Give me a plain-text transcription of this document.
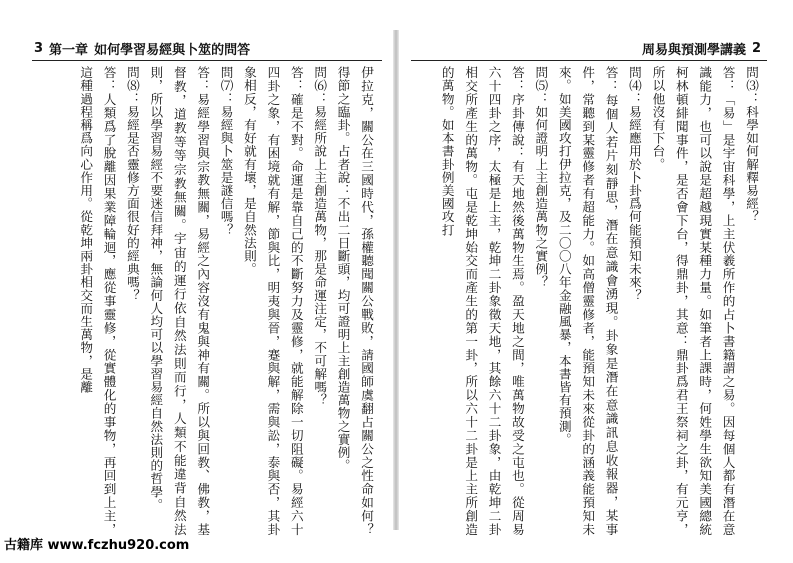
3 第一章 如何學習易經與卜筮的問答

伊拉克，關公在三國時代，孫權聽聞關公戰敗，請國師虞翻占關公之性命如何？得節之臨卦。占者說：不出二日斷頭，均可證明上主創造萬物之實例。

問⑹：易經所說上主創造萬物，那是命運注定，不可解嗎？

答：確是不對。命運是靠自己的不斷努力及靈修，就能解除一切阻礙。易經六十四卦之象，有困境就有解，節與比，明夷與晉，蹇與解，需與訟，泰與否，其卦象相反，有好就有壞，是自然法則。

問⑺：易經與卜筮是謎信嗎？

答：易經學習與宗教無關，易經之內容沒有鬼與神有關。所以與回教、佛教，基督教，道教等等宗教無關。宇宙的運行依自然法則而行，人類不能違背自然法則，所以學習易經不要迷信拜神，無論何人均可以學習易經自然法則的哲學。

問⑻：易經是否靈修方面很好的經典嗎？

答：人類爲了脫離因果業障輪迴，應從事靈修，從實體化的事物，再回到上主，這種過程稱爲向心作用。從乾坤兩卦相交而生萬物，是離

周易與預測學講義 2

問⑶：科學如何解釋易經？

答：「易」是宇宙科學，上主伏羲所作的占卜書籍謂之易。因每個人都有潛在意識能力，也可以說是超越現實某種力量。如筆者上課時，何姓學生欲知美國總統柯林頓緋聞事件，是否會下台，得鼎卦，其意：鼎卦爲君王祭祠之卦，有元亨，所以他沒有下台。

問⑷：易經應用於卜卦爲何能預知未來？

答：每個人若片刻靜思，潛在意識會湧現。卦象是潛在意識訊息收報器，某事件，常聽到某靈修者有超能力。如高僧靈修者，能預知未來從卦的涵義能預知未來。如美國攻打伊拉克，及二〇〇八年金融風暴，本書皆有預測。

問⑸：如何證明上主創造萬物之實例？

答：序卦傳說：有天地然後萬物生焉。盈天地之間，唯萬物故受之屯也。從周易六十四卦之序，太極是上主，乾坤二卦象徵天地，其餘六十二卦象，由乾坤二卦相交所產生的萬物。屯是乾坤始交而產生的第一卦，所以六十二卦是上主所創造的萬物。如本書卦例美國攻打

古籍库 www.fczhu920.com
